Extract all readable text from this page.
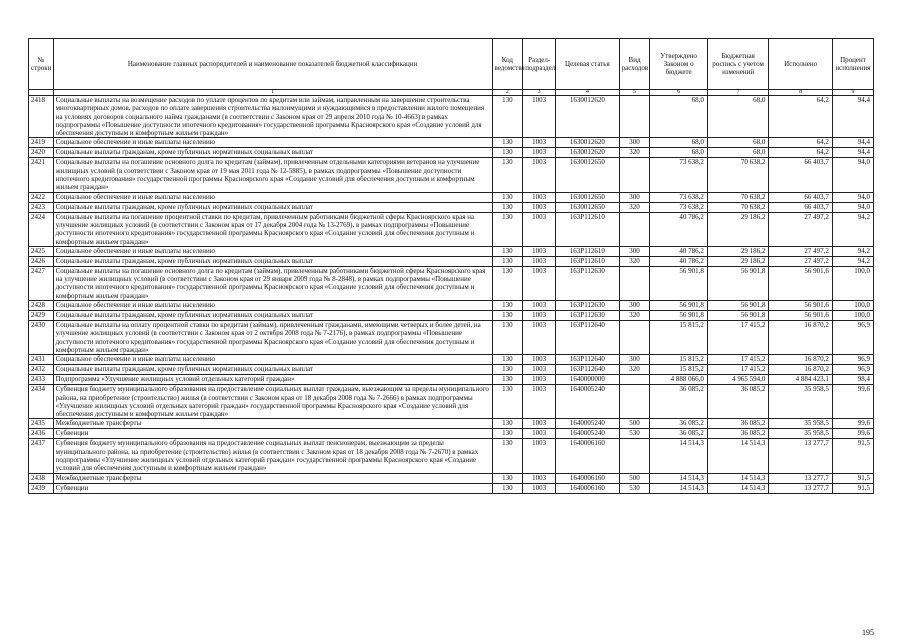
№ строки	Наименование главных распорядителей и наименование показателей бюджетной классификации	Код ведомства	Раздел-подраздел	Целевая статья	Вид расходов	Утверждено Законом о бюджете	Бюджетная роспись с учетом изменений	Исполнено	Процент исполнения
	1	2	3	4	5	6	7	8	9
2418	Социальные выплаты на возмещение расходов по уплате процентов по кредитам или займам, направленным на завершение строительства многоквартирных домов, расходов по оплате завершения строительства малоимущими и нуждающимися в предоставлении жилого помещения на условиях договоров социального найма гражданами (в соответствии с Законом края от 29 апреля 2010 года № 10-4663) в рамках подпрограммы «Повышение доступности ипотечного кредитования» государственной программы Красноярского края «Создание условий для обеспечения доступным и комфортным жильем граждан»	130	1003	1630012620		68,0	68,0	64,2	94,4
2419	Социальное обеспечение и иные выплаты населению	130	1003	1630012620	300	68,0	68,0	64,2	94,4
2420	Социальные выплаты гражданам, кроме публичных нормативных социальных выплат	130	1003	1630012620	320	68,0	68,0	64,2	94,4
2421	Социальные выплаты на погашение основного долга по кредитам (займам), привлеченным отдельными категориями ветеранов на улучшение жилищных условий (в соответствии с Законом края от 19 мая 2011 года № 12-5885), в рамках подпрограммы «Повышение доступности ипотечного кредитования» государственной программы Красноярского края «Создание условий для обеспечения доступным и комфортным жильем граждан»	130	1003	1630012650		73 638,2	70 638,2	66 403,7	94,0
2422	Социальное обеспечение и иные выплаты населению	130	1003	1630012650	300	73 638,2	70 638,2	66 403,7	94,0
2423	Социальные выплаты гражданам, кроме публичных нормативных социальных выплат	130	1003	1630012650	320	73 638,2	70 638,2	66 403,7	94,0
2424	Социальные выплаты на погашение процентной ставки по кредитам, привлеченным работниками бюджетной сферы Красноярского края на улучшение жилищных условий (в соответствии с Законом края от 17 декабря 2004 года № 13-2769), в рамках подпрограммы «Повышение доступности ипотечного кредитования» государственной программы Красноярского края «Создание условий для обеспечения доступным и комфортным жильем граждан»	130	1003	163Р112610		40 786,2	29 186,2	27 497,2	94,2
2425	Социальное обеспечение и иные выплаты населению	130	1003	163Р112610	300	40 786,2	29 186,2	27 497,2	94,2
2426	Социальные выплаты гражданам, кроме публичных нормативных социальных выплат	130	1003	163Р112610	320	40 786,2	29 186,2	27 497,2	94,2
2427	Социальные выплаты на погашение основного долга по кредитам (займам), привлеченным работниками бюджетной сферы Красноярского края на улучшение жилищных условий (в соответствии с Законом края от 29 января 2009 года № 8-2848), в рамках подпрограммы «Повышение доступности ипотечного кредитования» государственной программы Красноярского края «Создание условий для обеспечения доступным и комфортным жильем граждан»	130	1003	163Р112630		56 901,8	56 901,8	56 901,6	100,0
2428	Социальное обеспечение и иные выплаты населению	130	1003	163Р112630	300	56 901,8	56 901,8	56 901,6	100,0
2429	Социальные выплаты гражданам, кроме публичных нормативных социальных выплат	130	1003	163Р112630	320	56 901,8	56 901,8	56 901,6	100,0
2430	Социальные выплаты на оплату процентной ставки по кредитам (займам), привлеченным гражданами, имеющими четверых и более детей, на улучшение жилищных условий (в соответствии с Законом края от 2 октября 2008 года № 7-2176), в рамках подпрограммы «Повышение доступности ипотечного кредитования» государственной программы Красноярского края «Создание условий для обеспечения доступным и комфортным жильем граждан»	130	1003	163Р112640		15 815,2	17 415,2	16 870,2	96,9
2431	Социальное обеспечение и иные выплаты населению	130	1003	163Р112640	300	15 815,2	17 415,2	16 870,2	96,9
2432	Социальные выплаты гражданам, кроме публичных нормативных социальных выплат	130	1003	163Р112640	320	15 815,2	17 415,2	16 870,2	96,9
2433	Подпрограмма «Улучшение жилищных условий отдельных категорий граждан»	130	1003	1640000000		4 888 066,0	4 965 594,0	4 884 423,1	98,4
2434	Субвенция бюджету муниципального образования на предоставление социальных выплат гражданам, выезжающим за пределы муниципального района, на приобретение (строительство) жилья (в соответствии с Законом края от 18 декабря 2008 года № 7-2666) в рамках подпрограммы «Улучшение жилищных условий отдельных категорий граждан» государственной программы Красноярского края «Создание условий для обеспечения доступным и комфортным жильем граждан»	130	1003	1640005240		36 085,2	36 085,2	35 958,5	99,6
2435	Межбюджетные трансферты	130	1003	1640005240	500	36 085,2	36 085,2	35 958,5	99,6
2436	Субвенции	130	1003	1640005240	530	36 085,2	36 085,2	35 958,5	99,6
2437	Субвенция бюджету муниципального образования на предоставление социальных выплат пенсионерам, выезжающим за пределы муниципального района, на приобретение (строительство) жилья (в соответствии с Законом края от 18 декабря 2008 года № 7-2670) в рамках подпрограммы «Улучшение жилищных условий отдельных категорий граждан» государственной программы Красноярского края «Создание условий для обеспечения доступным и комфортным жильем граждан»	130	1003	1640006160		14 514,3	14 514,3	13 277,7	91,5
2438	Межбюджетные трансферты	130	1003	1640006160	500	14 514,3	14 514,3	13 277,7	91,5
2439	Субвенции	130	1003	1640006160	530	14 514,3	14 514,3	13 277,7	91,5
195
